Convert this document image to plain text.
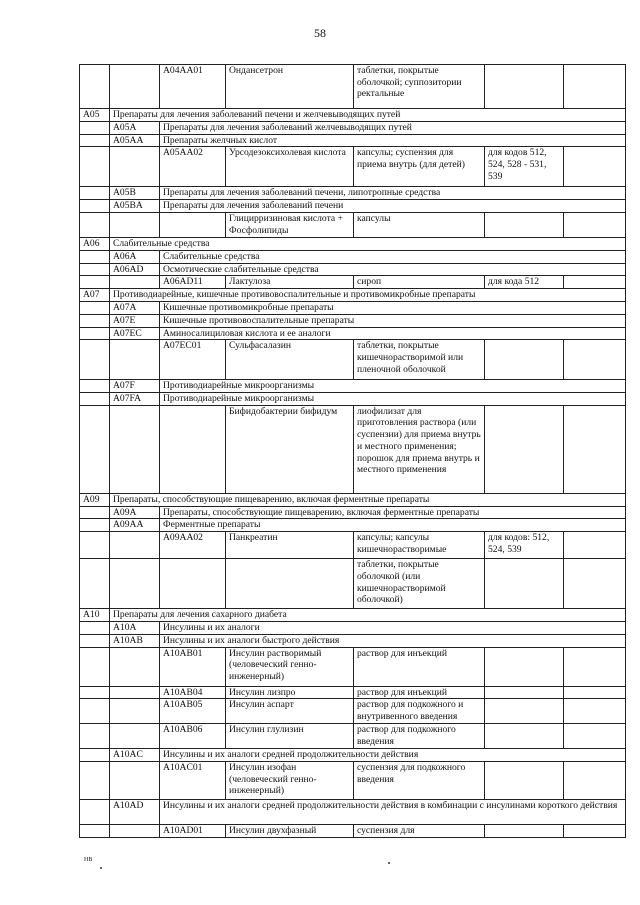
58
		A04AA01	Ондансетрон	таблетки, покрытые оболочкой; суппозитории ректальные		
A05	Препараты для лечения заболеваний печени и желчевыводящих путей					
	A05A	Препараты для лечения заболеваний желчевыводящих путей				
	A05AA	Препараты желчных кислот				
		A05AA02	Урсодезоксихолевая кислота	капсулы; суспензия для приема внутрь (для детей)	для кодов 512, 524, 528 - 531, 539	
	A05B	Препараты для лечения заболеваний печени, липотропные средства				
	A05BA	Препараты для лечения заболеваний печени				
			Глицирризиновая кислота + Фосфолипиды	капсулы		
A06	Слабительные средства					
	A06A	Слабительные средства				
	A06AD	Осмотические слабительные средства				
		A06AD11	Лактулоза	сироп	для кода 512	
A07	Противодиарейные, кишечные противовоспалительные и противомикробные препараты					
	A07A	Кишечные противомикробные препараты				
	A07E	Кишечные противовоспалительные препараты				
	A07EC	Аминосалициловая кислота и ее аналоги				
		A07EC01	Сульфасалазин	таблетки, покрытые кишечнорастворимой или пленочной оболочкой		
	A07F	Противодиарейные микроорганизмы				
	A07FA	Противодиарейные микроорганизмы				
			Бифидобактерии бифидум	лиофилизат для приготовления раствора (или суспензии) для приема внутрь и местного применения; порошок для приема внутрь и местного применения		
A09	Препараты, способствующие пищеварению, включая ферментные препараты					
	A09A	Препараты, способствующие пищеварению, включая ферментные препараты				
	A09AA	Ферментные препараты				
		A09AA02	Панкреатин	капсулы; капсулы кишечнорастворимые	для кодов: 512, 524, 539	
				таблетки, покрытые оболочкой (или кишечнорастворимой оболочкой)		
A10	Препараты для лечения сахарного диабета					
	A10A	Инсулины и их аналоги				
	A10AB	Инсулины и их аналоги быстрого действия				
		A10AB01	Инсулин растворимый (человеческий генно-инженерный)	раствор для инъекций		
		A10AB04	Инсулин лизпро	раствор для инъекций		
		A10AB05	Инсулин аспарт	раствор для подкожного и внутривенного введения		
		A10AB06	Инсулин глулизин	раствор для подкожного введения		
	A10AC	Инсулины и их аналоги средней продолжительности действия				
		A10AC01	Инсулин изофан (человеческий генно-инженерный)	суспензия для подкожного введения		
	A10AD	Инсулины и их аналоги средней продолжительности действия в комбинации с инсулинами короткого действия				
		A10AD01	Инсулин двухфазный	суспензия для		
HB
